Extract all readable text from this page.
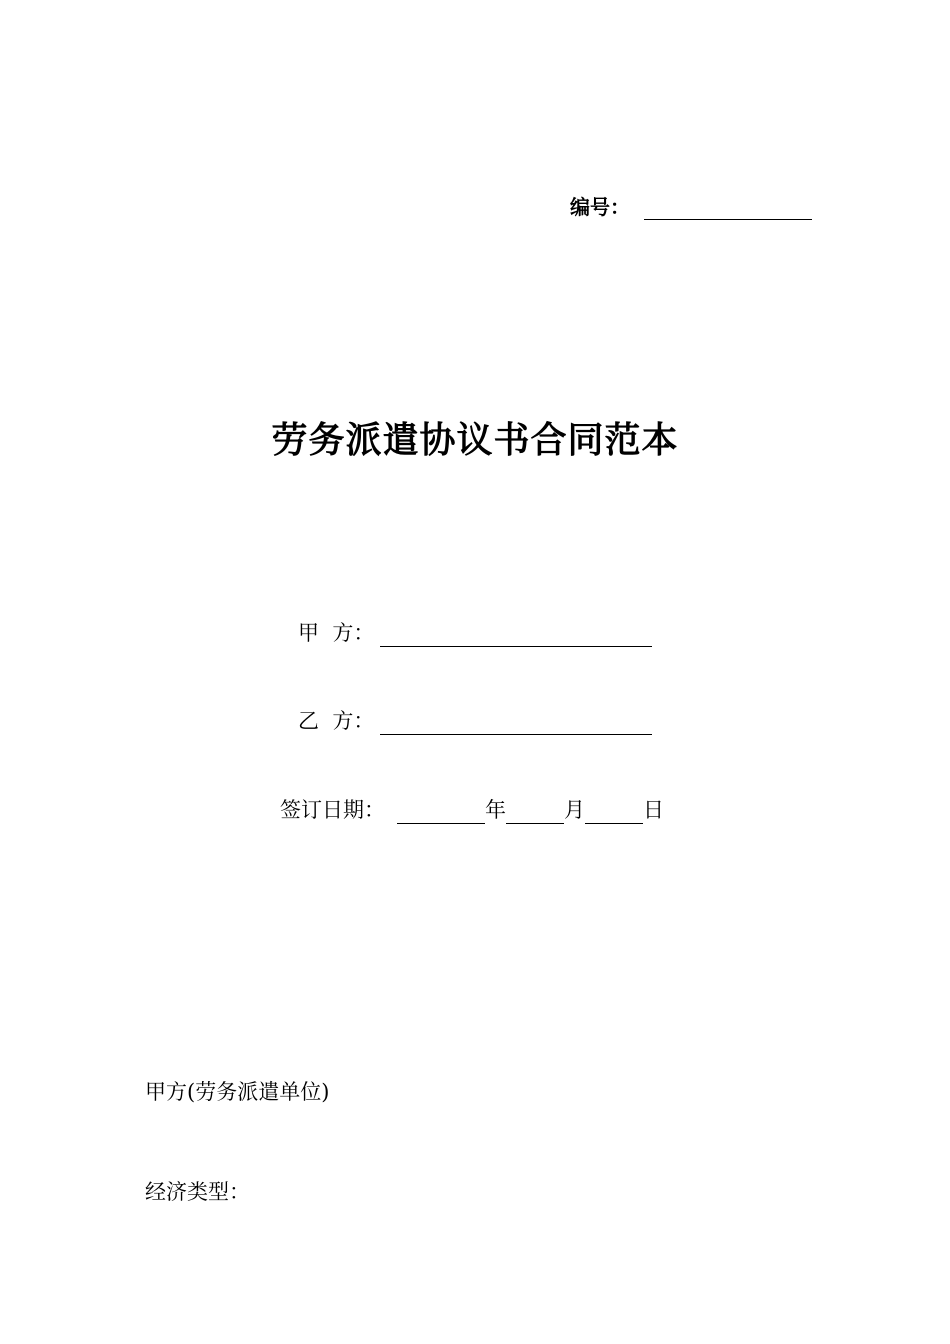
编号：
劳务派遣协议书合同范本
甲  方：
乙  方：
签订日期：	年	月	日
甲方(劳务派遣单位)
经济类型：
